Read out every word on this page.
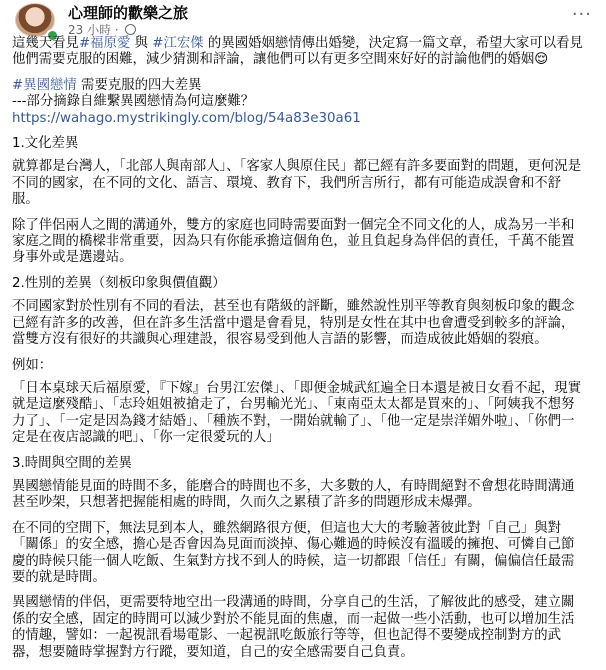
心理師的歡樂之旅
23 小時 ·
···

這幾天看見#福原愛 與 #江宏傑 的異國婚姻戀情傳出婚變，決定寫一篇文章，希望大家可以看見他們需要克服的困難，減少猜測和評論，讓他們可以有更多空間來好好的討論他們的婚姻😌

#異國戀情 需要克服的四大差異
---部分摘錄自維繫異國戀情為何這麼難？ https://wahago.mystrikingly.com/blog/54a83e30a61

1.文化差異

就算都是台灣人，「北部人與南部人」、「客家人與原住民」都已經有許多要面對的問題，更何況是不同的國家，在不同的文化、語言、環境、教育下，我們所言所行，都有可能造成誤會和不舒服。

除了伴侶兩人之間的溝通外，雙方的家庭也同時需要面對一個完全不同文化的人，成為另一半和家庭之間的橋樑非常重要，因為只有你能承擔這個角色，並且負起身為伴侶的責任，千萬不能置身事外或是選邊站。

2.性別的差異（刻板印象與價值觀）

不同國家對於性別有不同的看法，甚至也有階級的評斷，雖然說性別平等教育與刻板印象的觀念已經有許多的改善，但在許多生活當中還是會看見，特別是女性在其中也會遭受到較多的評論，當雙方沒有很好的共識與心理建設，很容易受到他人言語的影響，而造成彼此婚姻的裂痕。

例如：

「日本桌球天后福原愛，『下嫁』台男江宏傑」、「即便金城武紅遍全日本還是被日女看不起，現實就是這麼殘酷」、「志玲姐姐被搶走了，台男輸光光」、「東南亞太太都是買來的」、「阿姨我不想努力了」、「一定是因為錢才結婚」、「種族不對，一開始就輸了」、「他一定是崇洋媚外啦」、「你們一定是在夜店認識的吧」、「你一定很愛玩的人」

3.時間與空間的差異

異國戀情能見面的時間不多，能磨合的時間也不多，大多數的人，有時間絕對不會想花時間溝通甚至吵架，只想著把握能相處的時間，久而久之累積了許多的問題形成未爆彈。

在不同的空間下，無法見到本人，雖然網路很方便，但這也大大的考驗著彼此對「自己」與對「關係」的安全感，擔心是否會因為見面而淡掉、傷心難過的時候沒有溫暖的擁抱、可憐自己節慶的時候只能一個人吃飯、生氣對方找不到人的時候，這一切都跟「信任」有關，偏偏信任最需要的就是時間。

異國戀情的伴侶，更需要特地空出一段溝通的時間，分享自己的生活，了解彼此的感受，建立關係的安全感，固定的時間可以減少對於不能見面的焦慮，而一起做一些小活動，也可以增加生活的情趣，譬如：一起視訊看場電影、一起視訊吃飯旅行等等，但也記得不要變成控制對方的武器，想要隨時掌握對方行蹤，要知道，自己的安全感需要自己負責。
